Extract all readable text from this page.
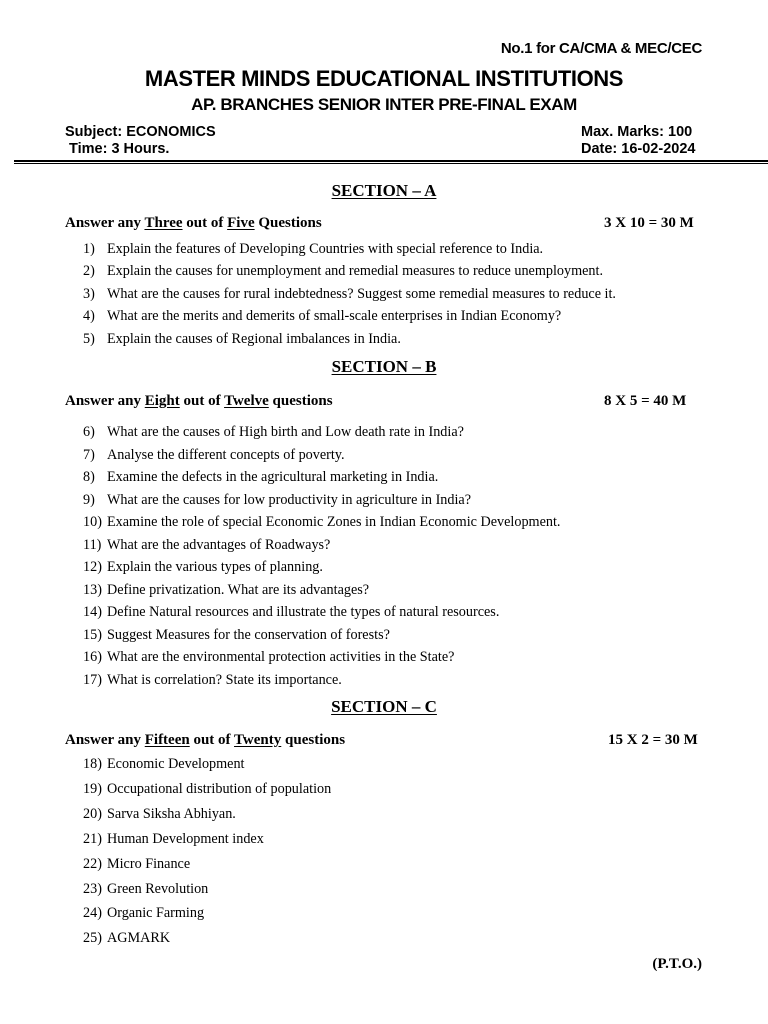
No.1 for CA/CMA & MEC/CEC
MASTER MINDS EDUCATIONAL INSTITUTIONS
AP. BRANCHES SENIOR INTER PRE-FINAL EXAM
Subject: ECONOMICS	Max. Marks: 100
Time: 3 Hours.	Date: 16-02-2024
SECTION – A
Answer any Three out of Five Questions	3 X 10 = 30 M
1) Explain the features of Developing Countries with special reference to India.
2) Explain the causes for unemployment and remedial measures to reduce unemployment.
3) What are the causes for rural indebtedness? Suggest some remedial measures to reduce it.
4) What are the merits and demerits of small-scale enterprises in Indian Economy?
5) Explain the causes of Regional imbalances in India.
SECTION – B
Answer any Eight out of Twelve questions	8 X 5 = 40 M
6) What are the causes of High birth and Low death rate in India?
7) Analyse the different concepts of poverty.
8) Examine the defects in the agricultural marketing in India.
9) What are the causes for low productivity in agriculture in India?
10) Examine the role of special Economic Zones in Indian Economic Development.
11) What are the advantages of Roadways?
12) Explain the various types of planning.
13) Define privatization. What are its advantages?
14) Define Natural resources and illustrate the types of natural resources.
15) Suggest Measures for the conservation of forests?
16) What are the environmental protection activities in the State?
17) What is correlation? State its importance.
SECTION – C
Answer any Fifteen out of Twenty questions	15 X 2 = 30 M
18) Economic Development
19) Occupational distribution of population
20) Sarva Siksha Abhiyan.
21) Human Development index
22) Micro Finance
23) Green Revolution
24) Organic Farming
25) AGMARK
(P.T.O.)
